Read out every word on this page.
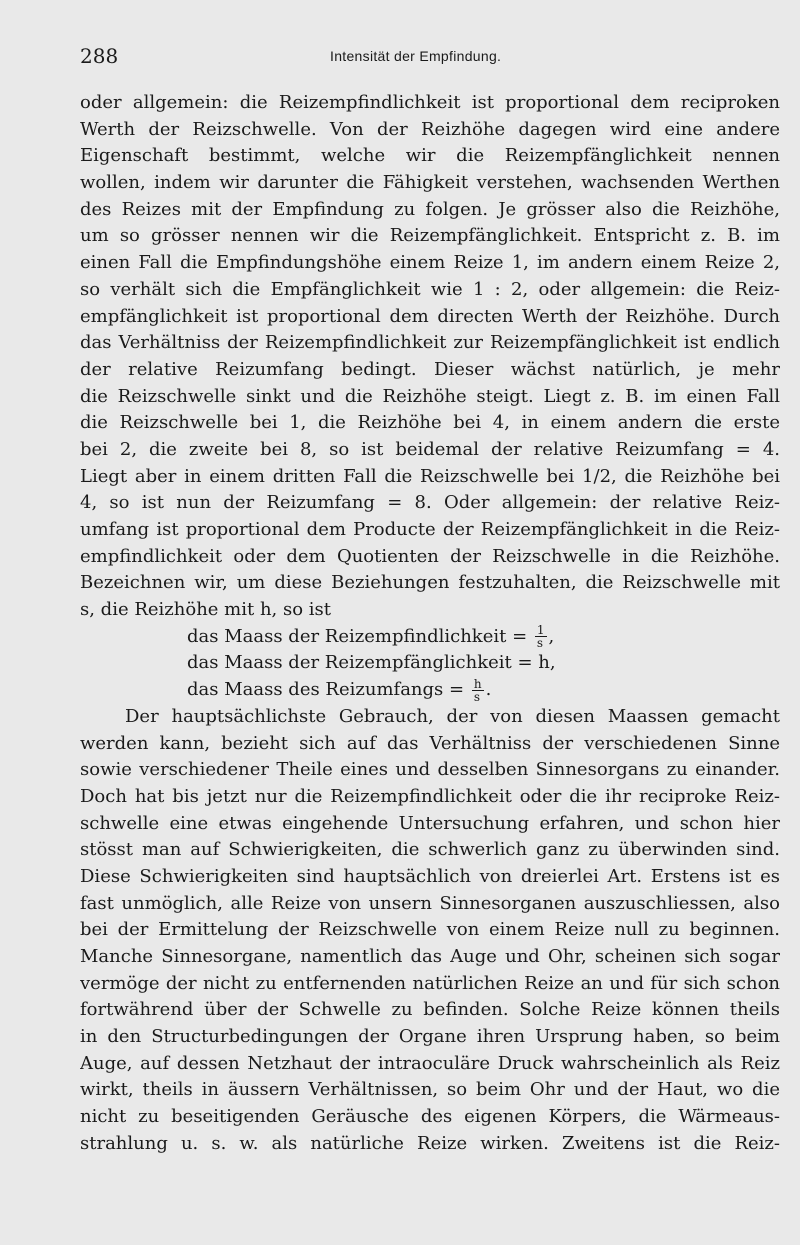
288	Intensität der Empfindung.
oder allgemein: die Reizempfindlichkeit ist proportional dem reciproken
Werth der Reizschwelle. Von der Reizhöhe dagegen wird eine andere
Eigenschaft bestimmt, welche wir die Reizempfänglichkeit nennen
wollen, indem wir darunter die Fähigkeit verstehen, wachsenden Werthen
des Reizes mit der Empfindung zu folgen. Je grösser also die Reizhöhe,
um so grösser nennen wir die Reizempfänglichkeit. Entspricht z. B. im
einen Fall die Empfindungshöhe einem Reize 1, im andern einem Reize 2,
so verhält sich die Empfänglichkeit wie 1 : 2, oder allgemein: die Reiz-
empfänglichkeit ist proportional dem directen Werth der Reizhöhe. Durch
das Verhältniss der Reizempfindlichkeit zur Reizempfänglichkeit ist endlich
der relative Reizumfang bedingt. Dieser wächst natürlich, je mehr
die Reizschwelle sinkt und die Reizhöhe steigt. Liegt z. B. im einen Fall
die Reizschwelle bei 1, die Reizhöhe bei 4, in einem andern die erste
bei 2, die zweite bei 8, so ist beidemal der relative Reizumfang = 4.
Liegt aber in einem dritten Fall die Reizschwelle bei 1/2, die Reizhöhe bei
4, so ist nun der Reizumfang = 8. Oder allgemein: der relative Reiz-
umfang ist proportional dem Producte der Reizempfänglichkeit in die Reiz-
empfindlichkeit oder dem Quotienten der Reizschwelle in die Reizhöhe.
Bezeichnen wir, um diese Beziehungen festzuhalten, die Reizschwelle mit
s, die Reizhöhe mit h, so ist
das Maass der Reizempfindlichkeit = $\frac{1}{s}$ ,
das Maass der Reizempfänglichkeit = h,
das Maass des Reizumfangs = $\frac{h}{s}$ .
Der hauptsächlichste Gebrauch, der von diesen Maassen gemacht
werden kann, bezieht sich auf das Verhältniss der verschiedenen Sinne
sowie verschiedener Theile eines und desselben Sinnesorgans zu einander.
Doch hat bis jetzt nur die Reizempfindlichkeit oder die ihr reciproke Reiz-
schwelle eine etwas eingehende Untersuchung erfahren, und schon hier
stösst man auf Schwierigkeiten, die schwerlich ganz zu überwinden sind.
Diese Schwierigkeiten sind hauptsächlich von dreierlei Art. Erstens ist es
fast unmöglich, alle Reize von unsern Sinnesorganen auszuschliessen, also
bei der Ermittelung der Reizschwelle von einem Reize null zu beginnen.
Manche Sinnesorgane, namentlich das Auge und Ohr, scheinen sich sogar
vermöge der nicht zu entfernenden natürlichen Reize an und für sich schon
fortwährend über der Schwelle zu befinden. Solche Reize können theils
in den Structurbedingungen der Organe ihren Ursprung haben, so beim
Auge, auf dessen Netzhaut der intraoculäre Druck wahrscheinlich als Reiz
wirkt, theils in äussern Verhältnissen, so beim Ohr und der Haut, wo die
nicht zu beseitigenden Geräusche des eigenen Körpers, die Wärmeaus-
strahlung u. s. w. als natürliche Reize wirken. Zweitens ist die Reiz-
